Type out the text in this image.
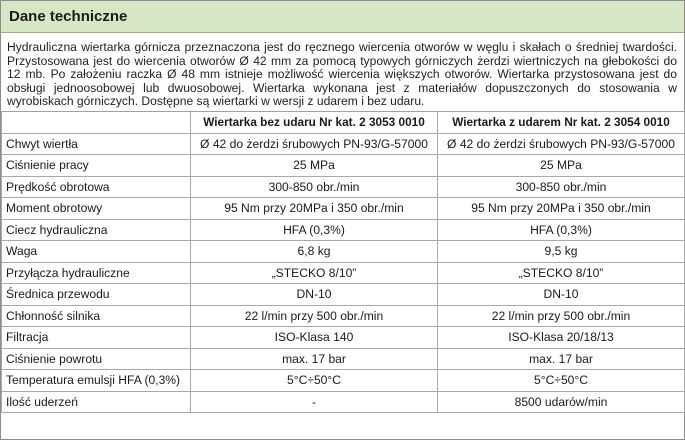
Dane techniczne
Hydrauliczna wiertarka górnicza przeznaczona jest do ręcznego wiercenia otworów w węglu i skałach o średniej twardości. Przystosowana jest do wiercenia otworów Ø 42 mm za pomocą typowych górniczych żerdzi wiertniczych na głebokości do 12 mb. Po założeniu raczka Ø 48 mm istnieje możliwość wiercenia większych otworów. Wiertarka przystosowana jest do obsługi jednoosobowej lub dwuosobowej. Wiertarka wykonana jest z materiałów dopuszczonych do stosowania w wyrobiskach górniczych. Dostępne są wiertarki w wersji z udarem i bez udaru.
	Wiertarka bez udaru Nr kat. 2 3053 0010	Wiertarka z udarem Nr kat. 2 3054 0010
Chwyt wiertła	Ø 42 do żerdzi śrubowych PN-93/G-57000	Ø 42 do żerdzi śrubowych PN-93/G-57000
Ciśnienie pracy	25 MPa	25 MPa
Prędkość obrotowa	300-850 obr./min	300-850 obr./min
Moment obrotowy	95 Nm przy 20MPa i 350 obr./min	95 Nm przy 20MPa i 350 obr./min
Ciecz hydrauliczna	HFA (0,3%)	HFA (0,3%)
Waga	6,8 kg	9,5 kg
Przyłącza hydrauliczne	„STECKO 8/10”	„STECKO 8/10”
Średnica przewodu	DN-10	DN-10
Chłonność silnika	22 l/min przy 500 obr./min	22 l/min przy 500 obr./min
Filtracja	ISO-Klasa 140	ISO-Klasa 20/18/13
Ciśnienie powrotu	max. 17 bar	max. 17 bar
Temperatura emulsji HFA (0,3%)	5°C÷50°C	5°C÷50°C
Ilość uderzeń	-	8500 udarów/min
